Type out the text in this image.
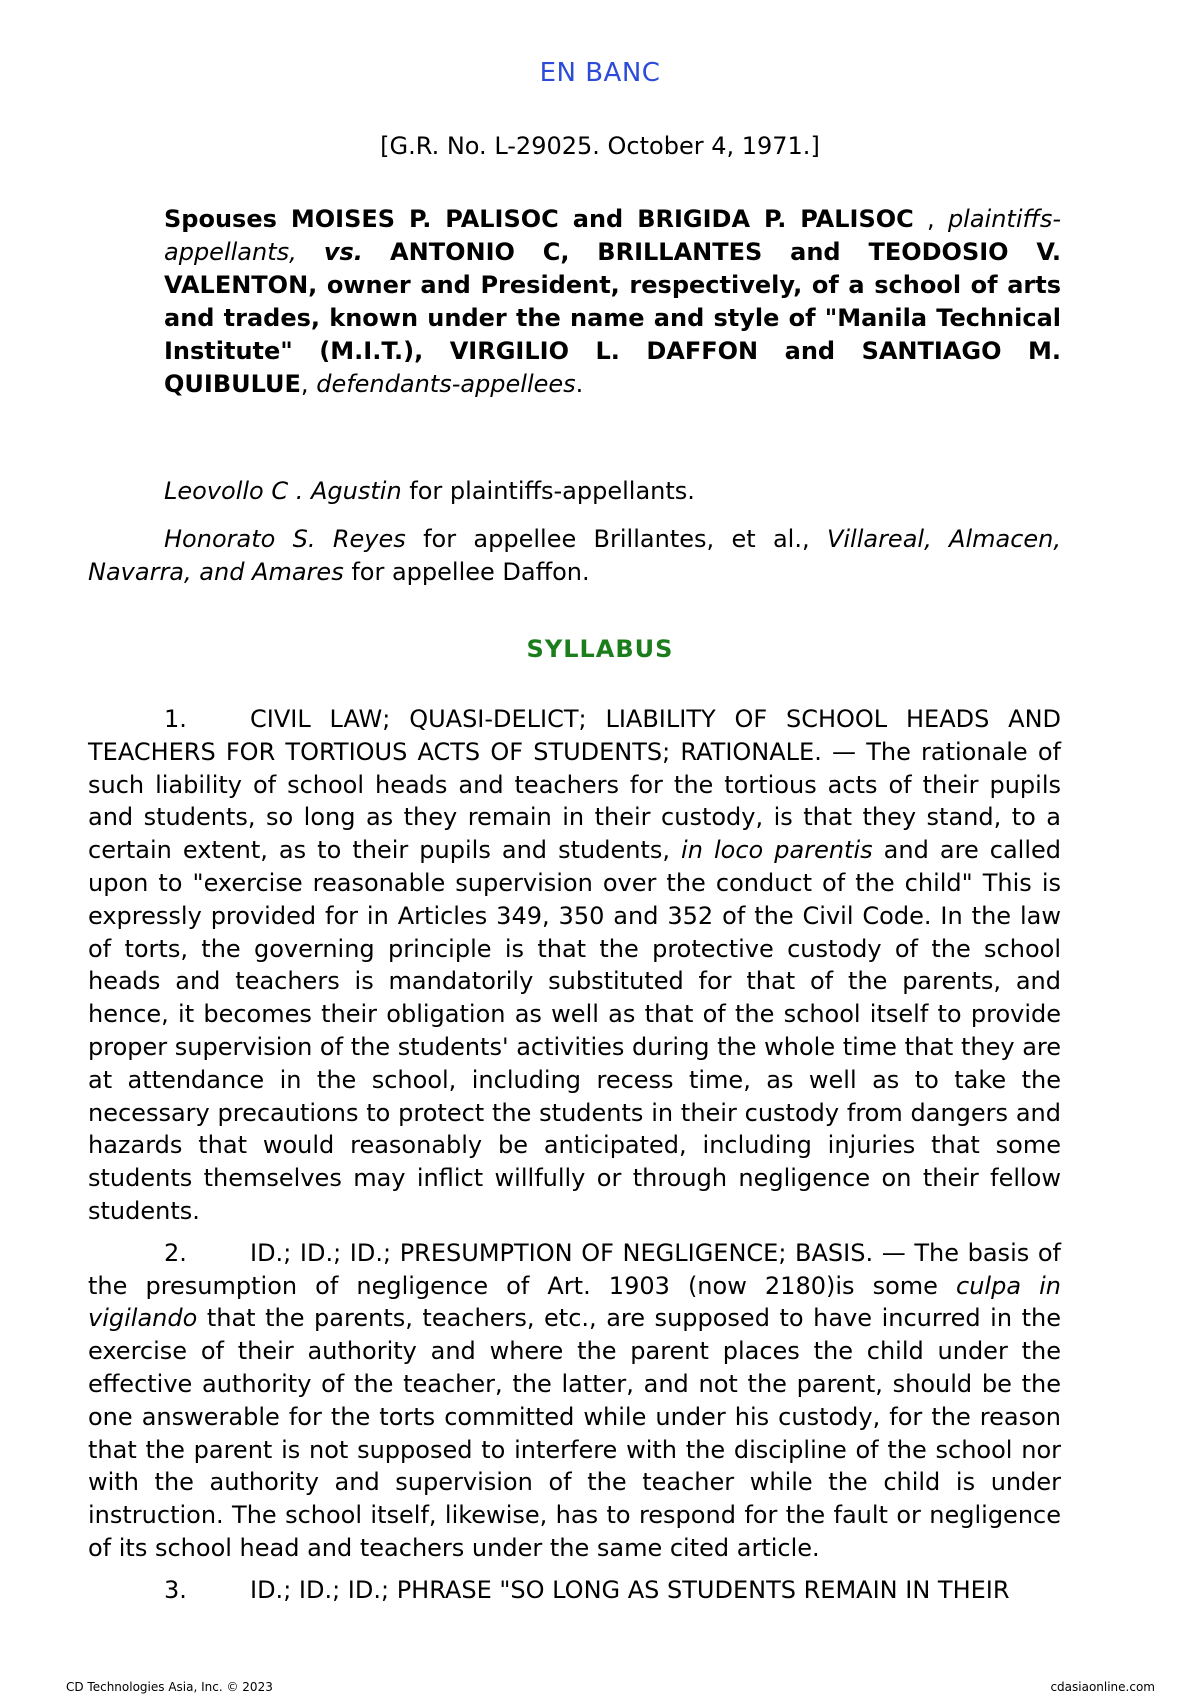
EN BANC
[G.R. No. L-29025. October 4, 1971.]
Spouses MOISES P. PALISOC and BRIGIDA P. PALISOC , plaintiffs-appellants, vs. ANTONIO C, BRILLANTES and TEODOSIO V. VALENTON, owner and President, respectively, of a school of arts and trades, known under the name and style of "Manila Technical Institute" (M.I.T.), VIRGILIO L. DAFFON and SANTIAGO M. QUIBULUE, defendants-appellees.
Leovollo C . Agustin for plaintiffs-appellants.
Honorato S. Reyes for appellee Brillantes, et al., Villareal, Almacen, Navarra, and Amares for appellee Daffon.
SYLLABUS

1.	CIVIL LAW; QUASI-DELICT; LIABILITY OF SCHOOL HEADS AND TEACHERS FOR TORTIOUS ACTS OF STUDENTS; RATIONALE. — The rationale of such liability of school heads and teachers for the tortious acts of their pupils and students, so long as they remain in their custody, is that they stand, to a certain extent, as to their pupils and students, in loco parentis and are called upon to "exercise reasonable supervision over the conduct of the child" This is expressly provided for in Articles 349, 350 and 352 of the Civil Code. In the law of torts, the governing principle is that the protective custody of the school heads and teachers is mandatorily substituted for that of the parents, and hence, it becomes their obligation as well as that of the school itself to provide proper supervision of the students' activities during the whole time that they are at attendance in the school, including recess time, as well as to take the necessary precautions to protect the students in their custody from dangers and hazards that would reasonably be anticipated, including injuries that some students themselves may inflict willfully or through negligence on their fellow students.

2.	ID.; ID.; ID.; PRESUMPTION OF NEGLIGENCE; BASIS. — The basis of the presumption of negligence of Art. 1903 (now 2180)is some culpa in vigilando that the parents, teachers, etc., are supposed to have incurred in the exercise of their authority and where the parent places the child under the effective authority of the teacher, the latter, and not the parent, should be the one answerable for the torts committed while under his custody, for the reason that the parent is not supposed to interfere with the discipline of the school nor with the authority and supervision of the teacher while the child is under instruction. The school itself, likewise, has to respond for the fault or negligence of its school head and teachers under the same cited article.

3.	ID.; ID.; ID.; PHRASE "SO LONG AS STUDENTS REMAIN IN THEIR

CD Technologies Asia, Inc. © 2023	cdasiaonline.com
